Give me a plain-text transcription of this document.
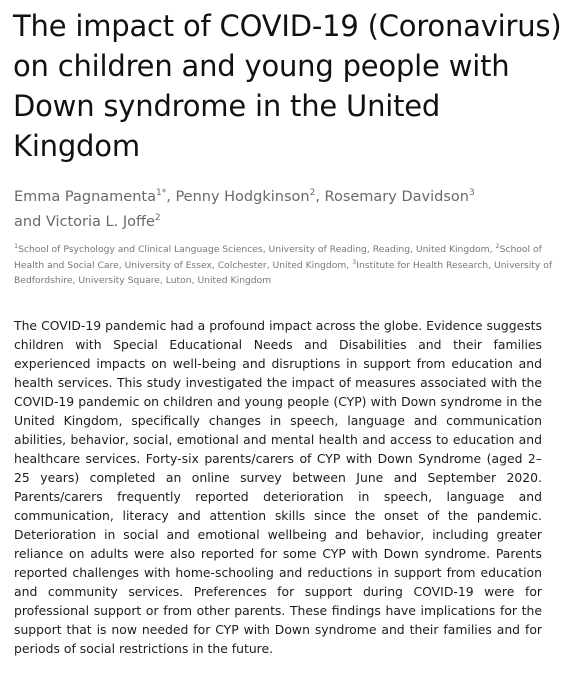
The impact of COVID-19 (Coronavirus) on children and young people with Down syndrome in the United Kingdom

Emma Pagnamenta$^{1*}$, Penny Hodgkinson$^2$, Rosemary Davidson$^3$
and Victoria L. Joffe$^2$

$^1$School of Psychology and Clinical Language Sciences, University of Reading, Reading, United Kingdom, $^2$School of Health and Social Care, University of Essex, Colchester, United Kingdom, $^3$Institute for Health Research, University of Bedfordshire, University Square, Luton, United Kingdom

The COVID-19 pandemic had a profound impact across the globe. Evidence suggests children with Special Educational Needs and Disabilities and their families experienced impacts on well-being and disruptions in support from education and health services. This study investigated the impact of measures associated with the COVID-19 pandemic on children and young people (CYP) with Down syndrome in the United Kingdom, specifically changes in speech, language and communication abilities, behavior, social, emotional and mental health and access to education and healthcare services. Forty-six parents/carers of CYP with Down Syndrome (aged 2–25 years) completed an online survey between June and September 2020. Parents/carers frequently reported deterioration in speech, language and communication, literacy and attention skills since the onset of the pandemic. Deterioration in social and emotional wellbeing and behavior, including greater reliance on adults were also reported for some CYP with Down syndrome. Parents reported challenges with home-schooling and reductions in support from education and community services. Preferences for support during COVID-19 were for professional support or from other parents. These findings have implications for the support that is now needed for CYP with Down syndrome and their families and for periods of social restrictions in the future.
